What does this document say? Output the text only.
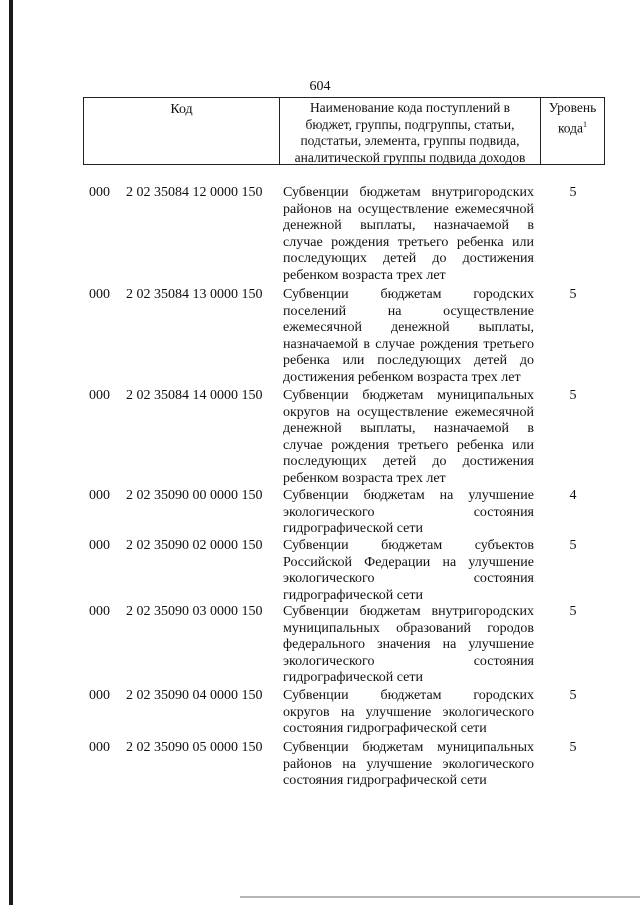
604
Код	Наименование кода поступлений в
бюджет, группы, подгруппы, статьи,
подстатьи, элемента, группы подвида,
аналитической группы подвида доходов
Уровень
кода$^1$
000 2 02 35084 12 0000 150 Субвенции бюджетам внутригородских
районов на осуществление ежемесячной
денежной выплаты, назначаемой в
случае рождения третьего ребенка или
последующих детей до достижения
ребенком возраста трех лет
5
000 2 02 35084 13 0000 150 Субвенции бюджетам городских
поселений на осуществление
ежемесячной денежной выплаты,
назначаемой в случае рождения третьего
ребенка или последующих детей до
достижения ребенком возраста трех лет
5
000 2 02 35084 14 0000 150 Субвенции бюджетам муниципальных
округов на осуществление ежемесячной
денежной выплаты, назначаемой в
случае рождения третьего ребенка или
последующих детей до достижения
ребенком возраста трех лет
5
000 2 02 35090 00 0000 150 Субвенции бюджетам на улучшение
экологического состояния
гидрографической сети
4
000 2 02 35090 02 0000 150 Субвенции бюджетам субъектов
Российской Федерации на улучшение
экологического состояния
гидрографической сети
5
000 2 02 35090 03 0000 150 Субвенции бюджетам внутригородских
муниципальных образований городов
федерального значения на улучшение
экологического состояния
гидрографической сети
5
000 2 02 35090 04 0000 150 Субвенции бюджетам городских
округов на улучшение экологического
состояния гидрографической сети
5
000 2 02 35090 05 0000 150 Субвенции бюджетам муниципальных
районов на улучшение экологического
состояния гидрографической сети
5
